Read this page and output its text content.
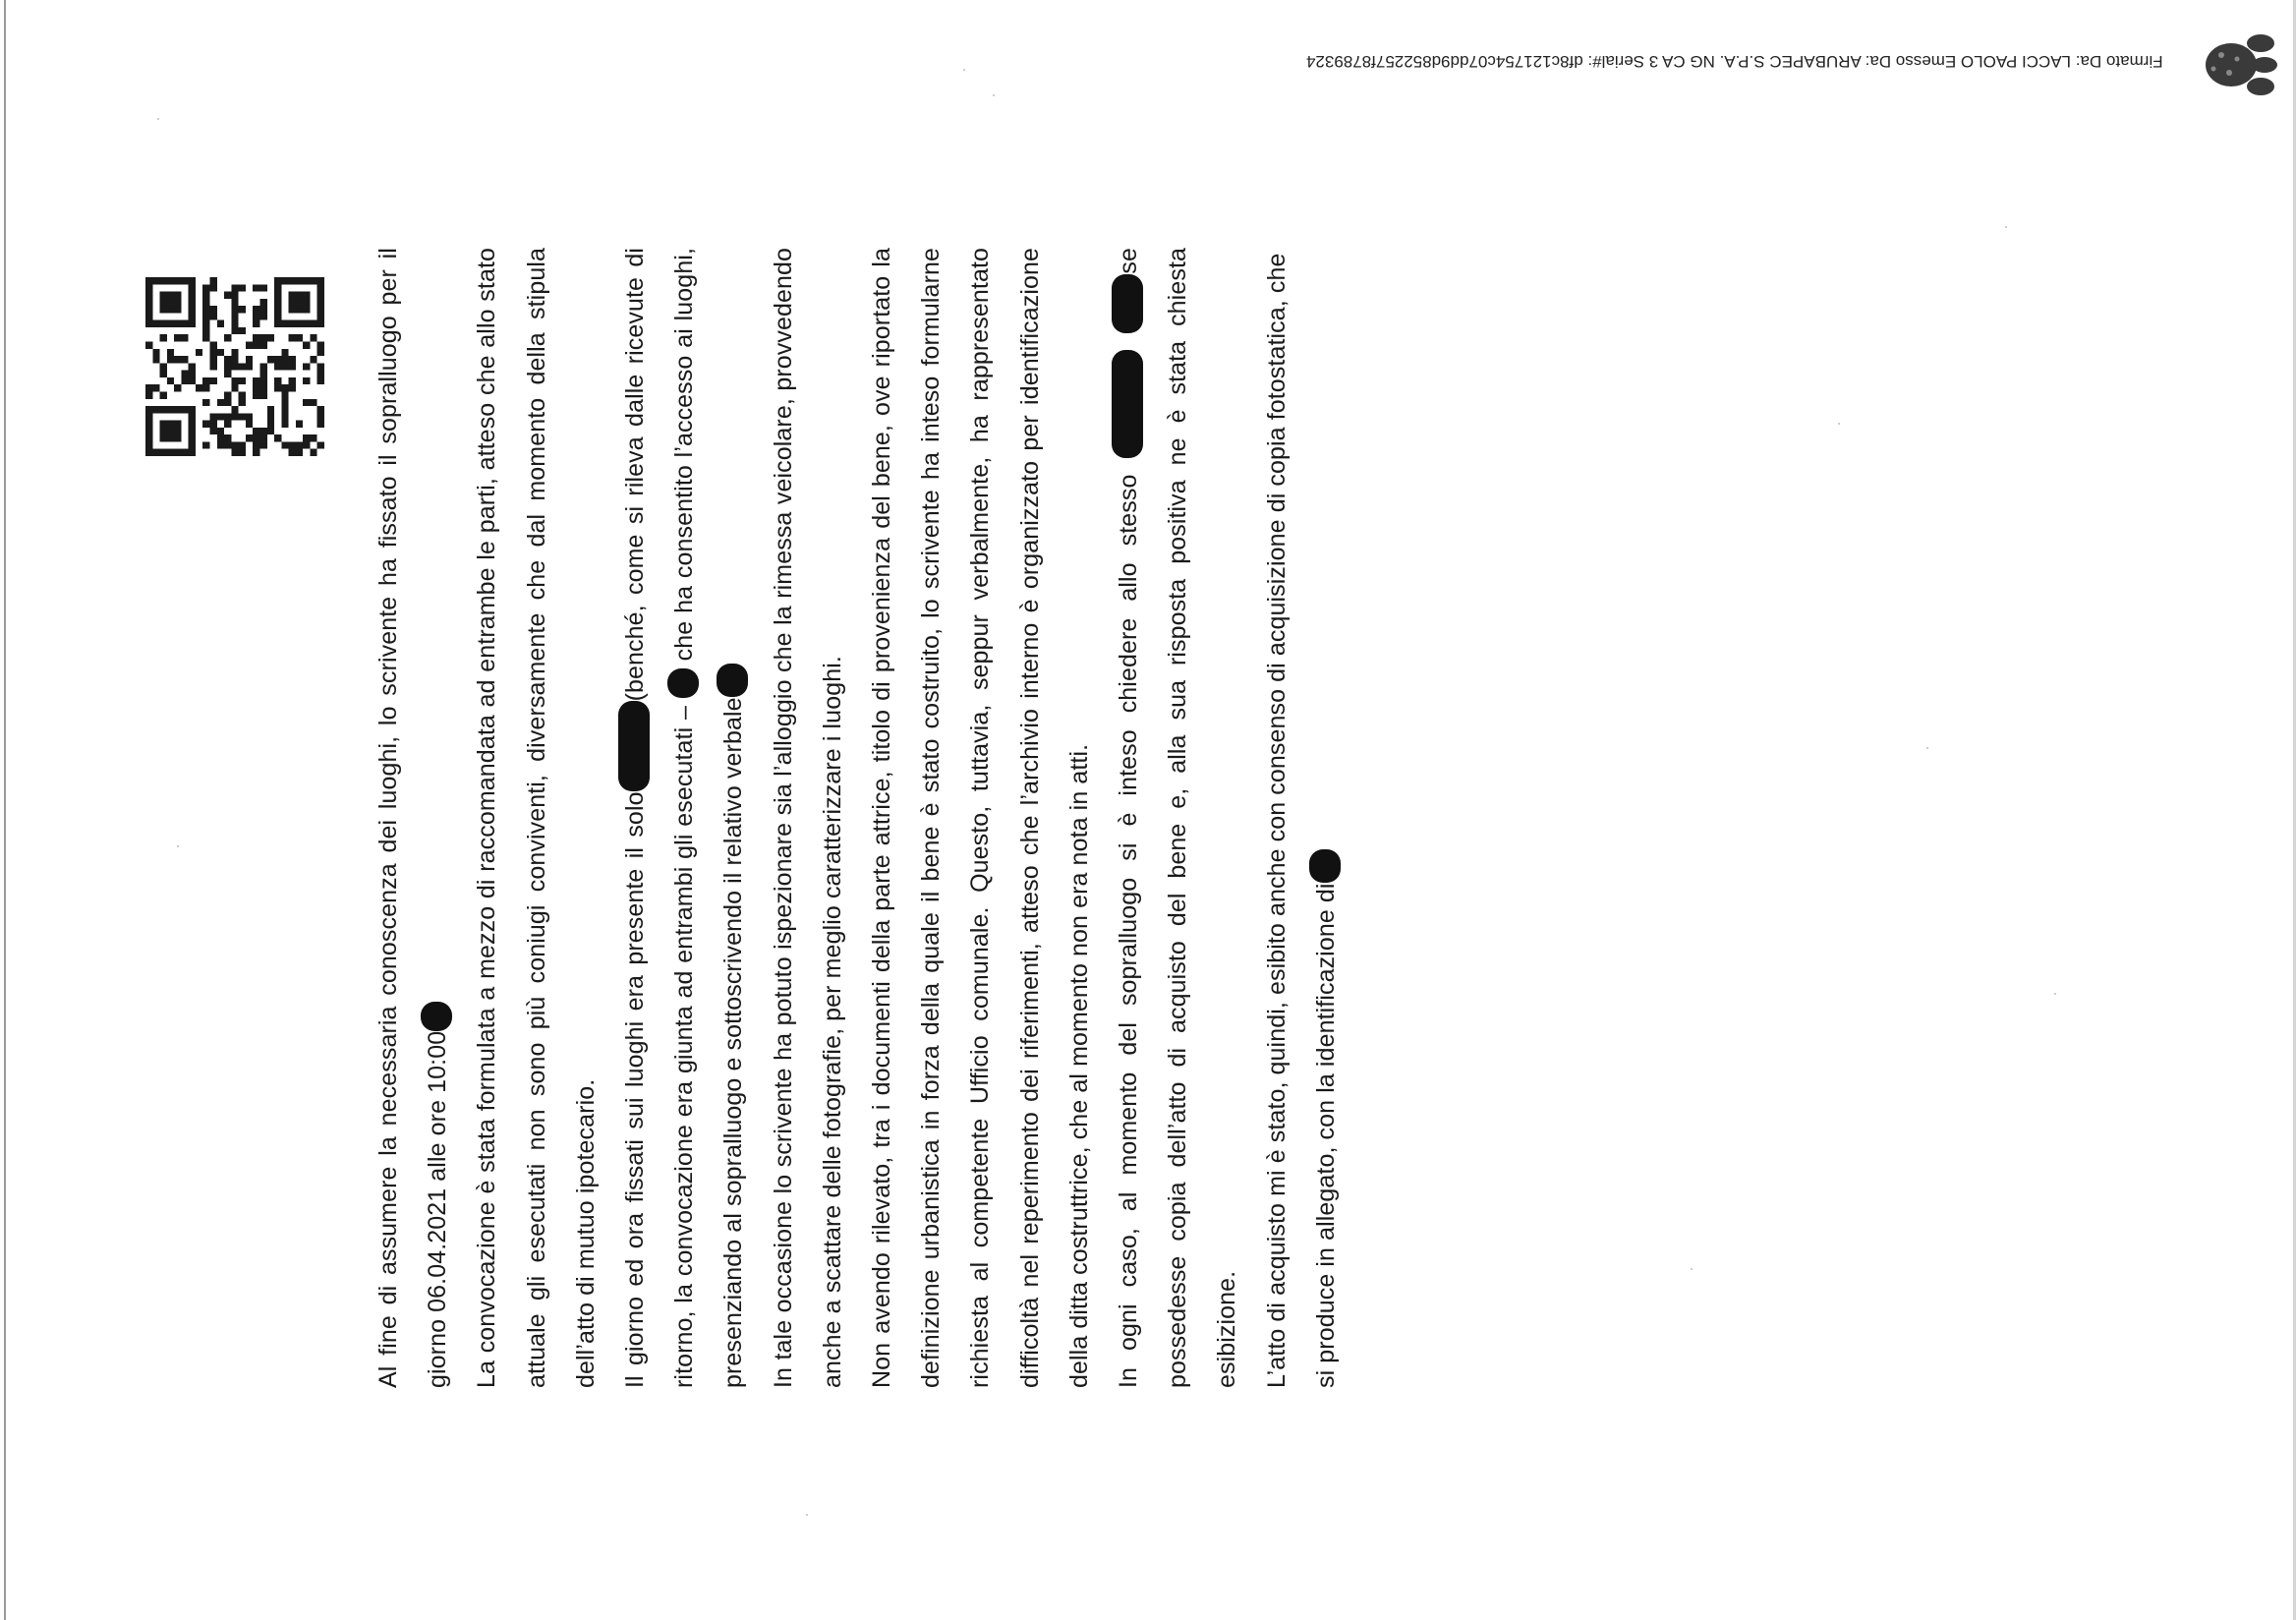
Firmato Da: LACCI PAOLO Emesso Da: ARUBAPEC S.P.A. NG CA 3 Serial#: df8c121754c07dd9d852257f87893​24

Al fine di assumere la necessaria conoscenza dei luoghi, lo scrivente ha fissato il sopralluogo per il giorno 06.04.2021 alle ore 10:00 La convocazione è stata formulata a mezzo di raccomandata ad entrambe le parti, atteso che allo stato attuale gli esecutati non sono più coniugi conviventi, diversamente che dal momento della stipula dell’atto di mutuo ipotecario. Il giorno ed ora fissati sui luoghi era presente il solo(benché, come si rileva dalle ricevute di ritorno, la convocazione era giunta ad entrambi gli esecutati –  che ha consentito l’accesso ai luoghi, presenziando al sopralluogo e sottoscrivendo il relativo verbale In tale occasione lo scrivente ha potuto ispezionare sia l’alloggio che la rimessa veicolare, provvedendo anche a scattare delle fotografie, per meglio caratterizzare i luoghi. Non avendo rilevato, tra i documenti della parte attrice, titolo di provenienza del bene, ove riportato la definizione urbanistica in forza della quale il bene è stato costruito, lo scrivente ha inteso formularne richiesta al competente Ufficio comunale. Questo, tuttavia, seppur verbalmente, ha rappresentato difficoltà nel reperimento dei riferimenti, atteso che l’archivio interno è organizzato per identificazione della ditta costruttrice, che al momento non era nota in atti. In ogni caso, al momento del sopralluogo si è inteso chiedere allo stesso  se possedesse copia dell’atto di acquisto del bene e, alla sua risposta positiva ne è stata chiesta esibizione. L’atto di acquisto mi è stato, quindi, esibito anche con consenso di acquisizione di copia fotostatica, che si produce in allegato, con la identificazione di
